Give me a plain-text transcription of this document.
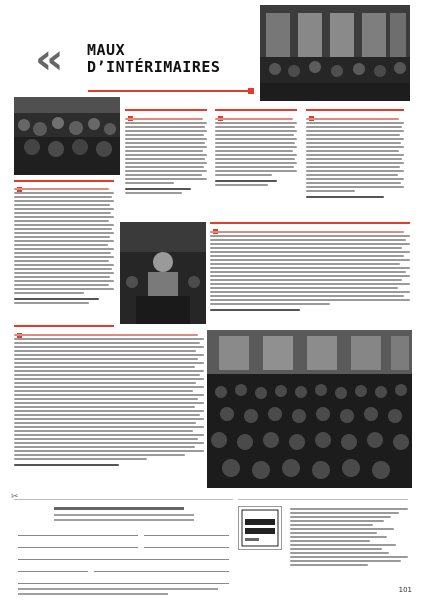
‹‹ MAUX D’INTÉRIMAIRES
✂
101
